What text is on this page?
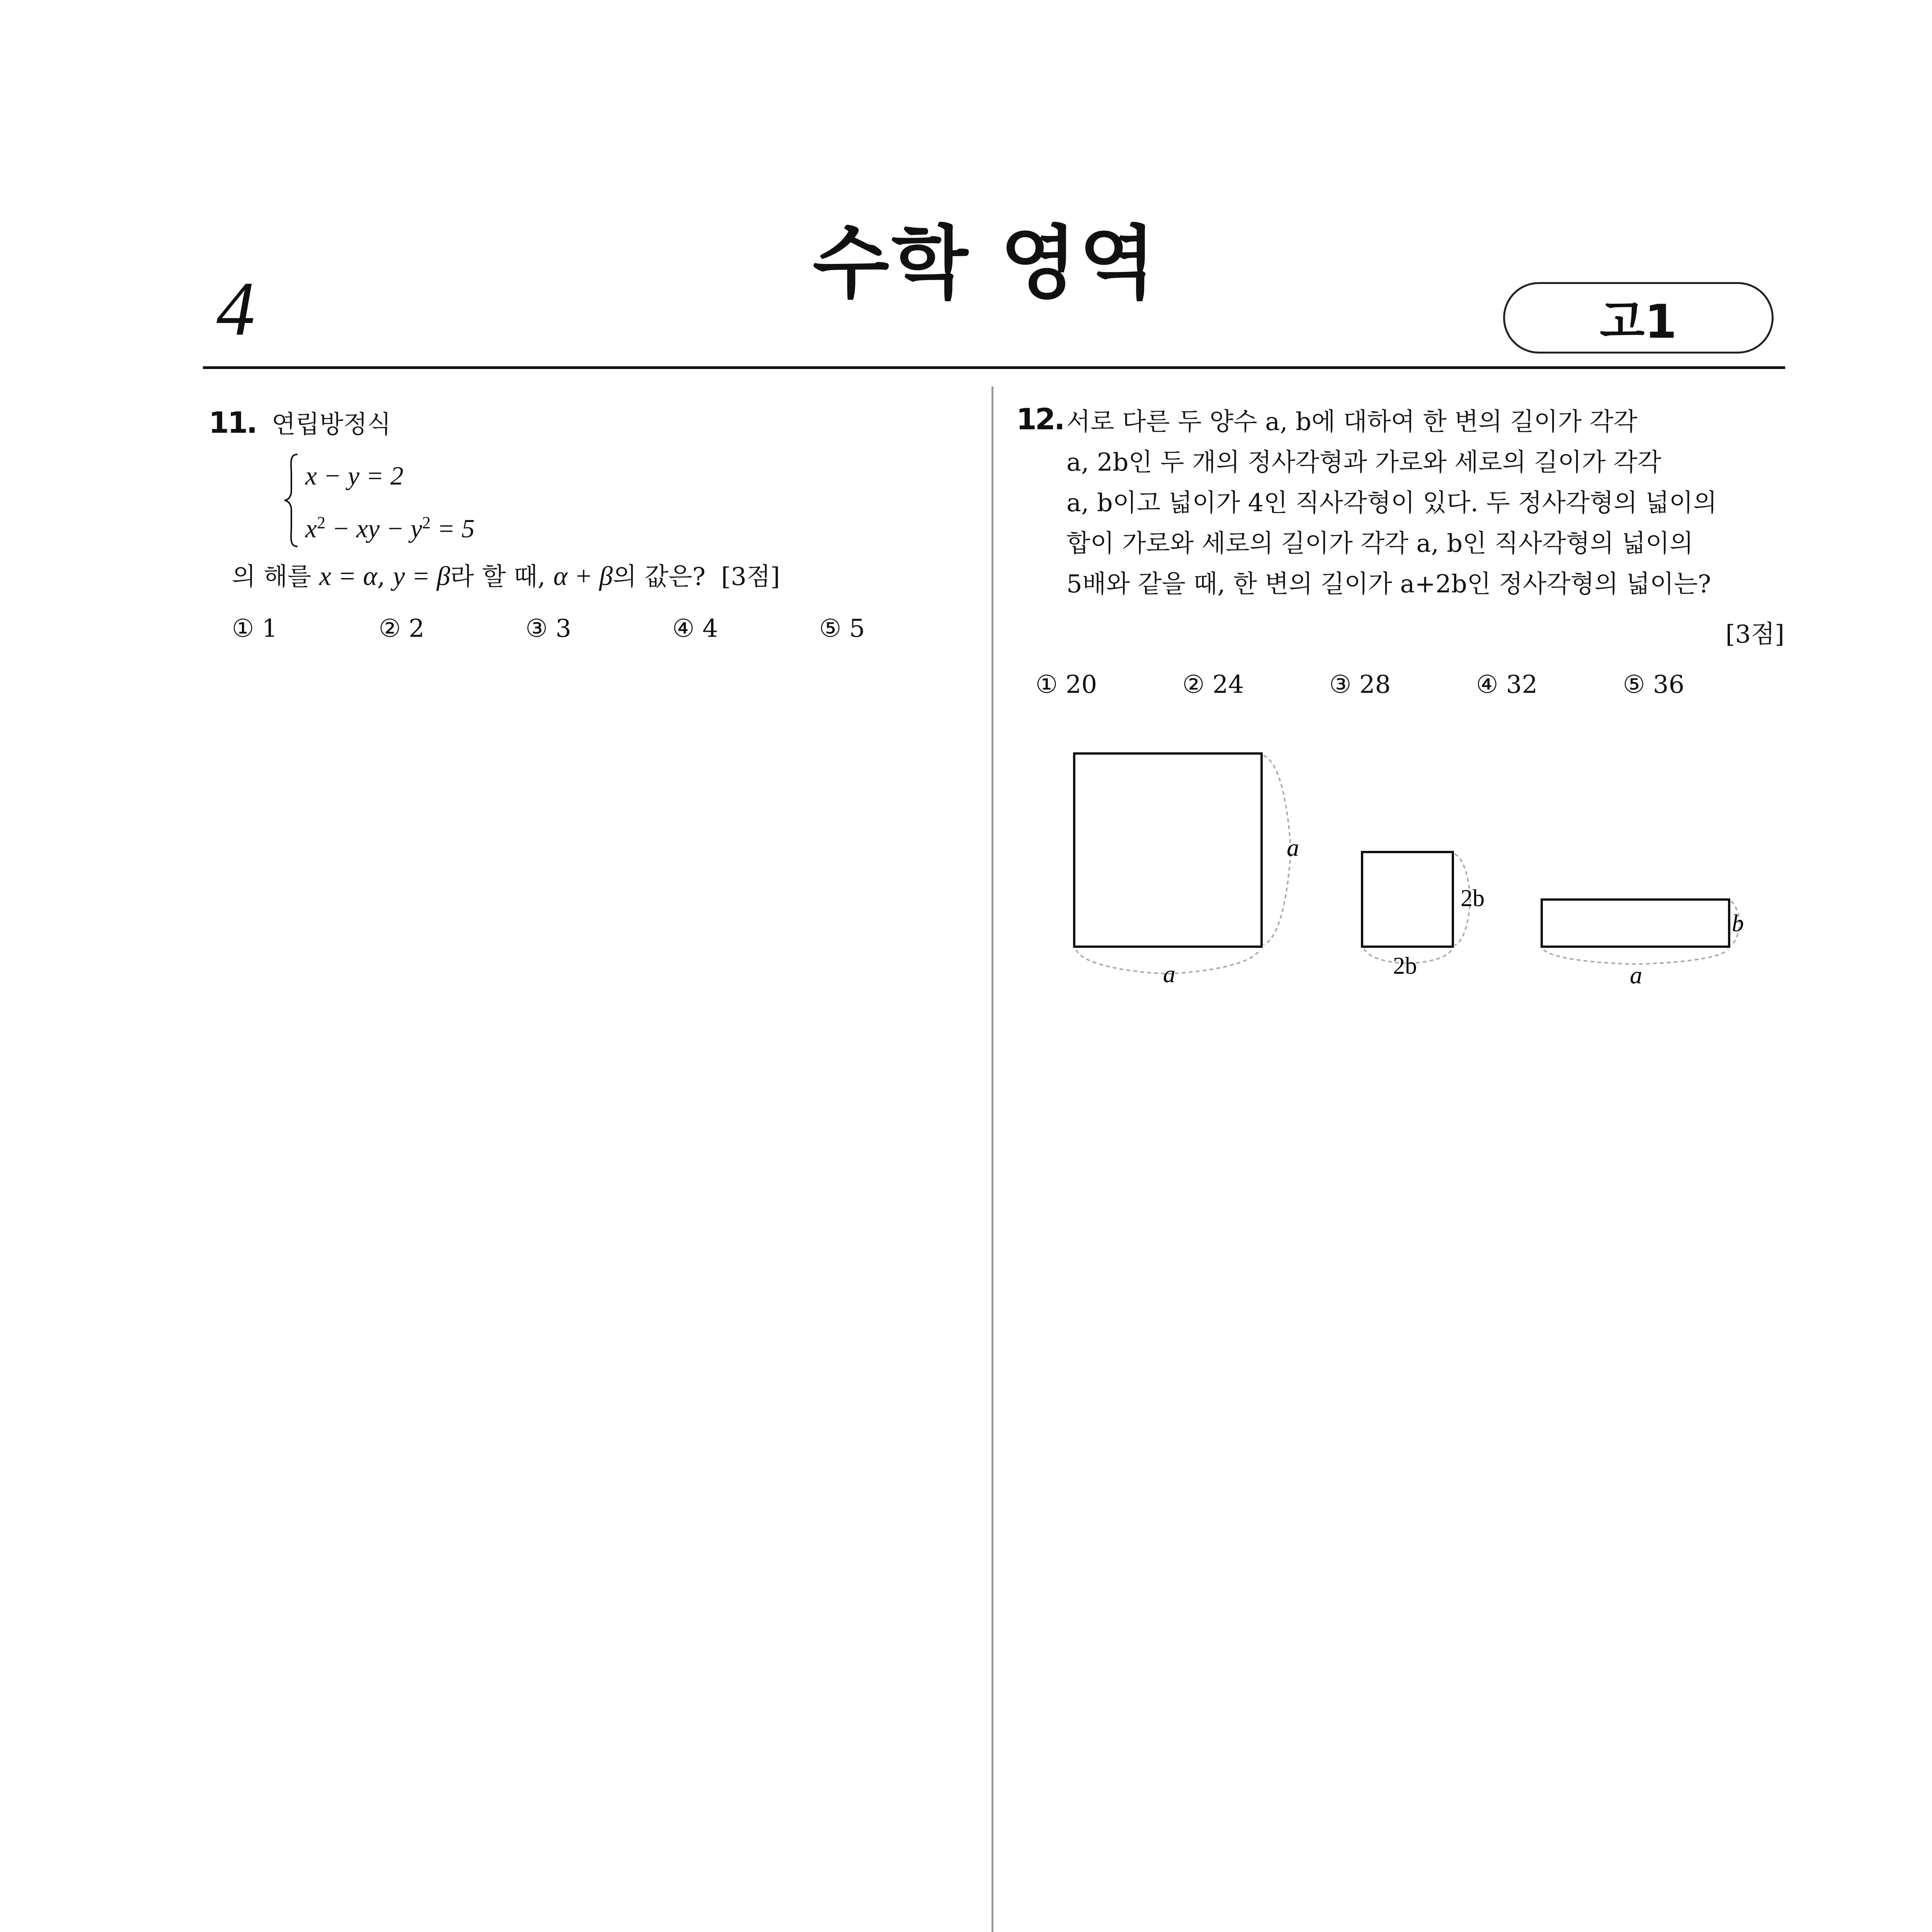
4	수학 영역
고1
11. 연립방정식
x − y = 2
$x^2$ − xy − $y^2 = 5$
의 해를 x = α, y = β라 할 때, α + β의 값은? [3점]
① 1	② 2	③ 3	④ 4	⑤ 5
12. 서로 다른 두 양수 a, b에 대하여 한 변의 길이가 각각
a, 2b인 두 개의 정사각형과 가로와 세로의 길이가 각각
a, b이고 넓이가 4인 직사각형이 있다. 두 정사각형의 넓이의
합이 가로와 세로의 길이가 각각 a, b인 직사각형의 넓이의
5배와 같을 때, 한 변의 길이가 a+2b인 정사각형의 넓이는?
[3점]
① 20	② 24	③ 28	④ 32	⑤ 36
a
a
2b
2b
b
a
